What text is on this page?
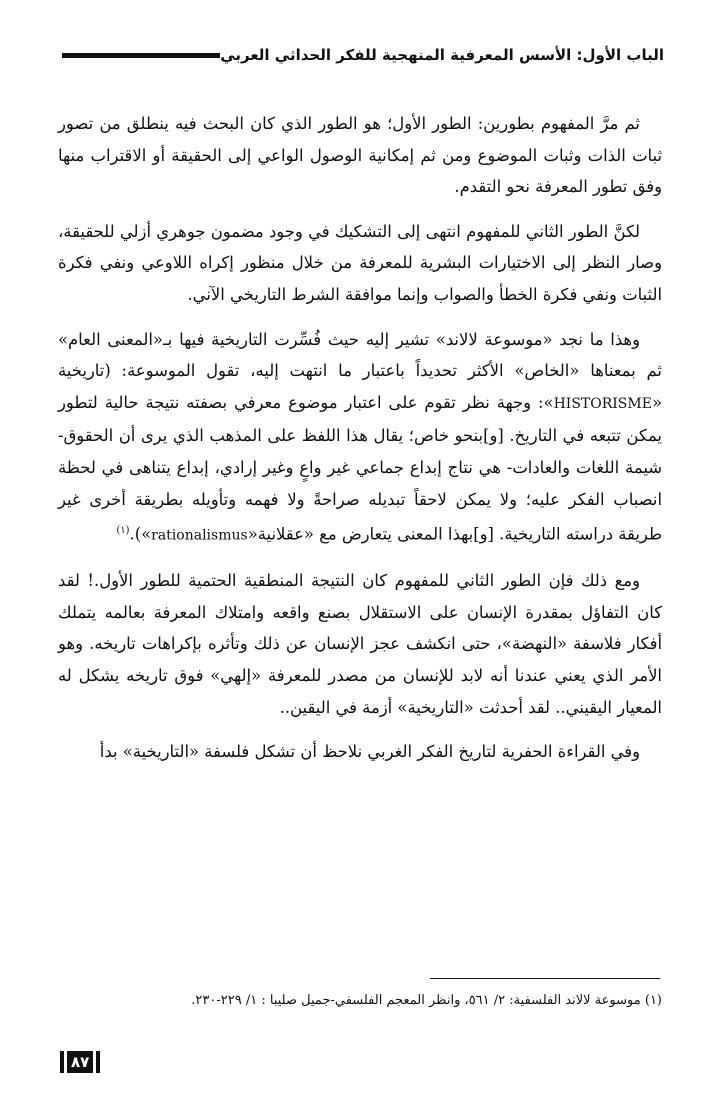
الباب الأول: الأسس المعرفية المنهجية للفكر الحداثي العربي

ثم مرَّ المفهوم بطورين: الطور الأول؛ هو الطور الذي كان البحث فيه ينطلق من تصور ثبات الذات وثبات الموضوع ومن ثم إمكانية الوصول الواعي إلى الحقيقة أو الاقتراب منها وفق تطور المعرفة نحو التقدم.

لكنَّ الطور الثاني للمفهوم انتهى إلى التشكيك في وجود مضمون جوهري أزلي للحقيقة، وصار النظر إلى الاختيارات البشرية للمعرفة من خلال منظور إكراه اللاوعي ونفي فكرة الثبات ونفي فكرة الخطأ والصواب وإنما موافقة الشرط التاريخي الآني.

وهذا ما نجد «موسوعة لالاند» تشير إليه حيث فُسِّرت التاريخية فيها بـ«المعنى العام» ثم بمعناها «الخاص» الأكثر تحديداً باعتبار ما انتهت إليه، تقول الموسوعة: (تاريخية «HISTORISME»: وجهة نظر تقوم على اعتبار موضوع معرفي بصفته نتيجة حالية لتطور يمكن تتبعه في التاريخ. [و]بنحو خاص؛ يقال هذا اللفظ على المذهب الذي يرى أن الحقوق- شيمة اللغات والعادات- هي نتاج إبداع جماعي غير واعٍ وغير إرادي، إبداع يتناهى في لحظة انصباب الفكر عليه؛ ولا يمكن لاحقاً تبديله صراحةً ولا فهمه وتأويله بطريقة أخرى غير طريقة دراسته التاريخية. [و]بهذا المعنى يتعارض مع «عقلانية«rationalismus»).$^{(١)}$

ومع ذلك فإن الطور الثاني للمفهوم كان النتيجة المنطقية الحتمية للطور الأول.! لقد كان التفاؤل بمقدرة الإنسان على الاستقلال بصنع واقعه وامتلاك المعرفة بعالمه يتملك أفكار فلاسفة «النهضة»، حتى انكشف عجز الإنسان عن ذلك وتأثره بإكراهات تاريخه. وهو الأمر الذي يعني عندنا أنه لابد للإنسان من مصدر للمعرفة «إلهي» فوق تاريخه يشكل له المعيار اليقيني.. لقد أحدثت «التاريخية» أزمة في اليقين..

وفي القراءة الحفرية لتاريخ الفكر الغربي نلاحظ أن تشكل فلسفة «التاريخية» بدأ

(١) موسوعة لالاند الفلسفية: ٢/ ٥٦١، وانظر المعجم الفلسفي-جميل صليبا : ١/ ٢٢٩-٢٣٠.
٨٧
